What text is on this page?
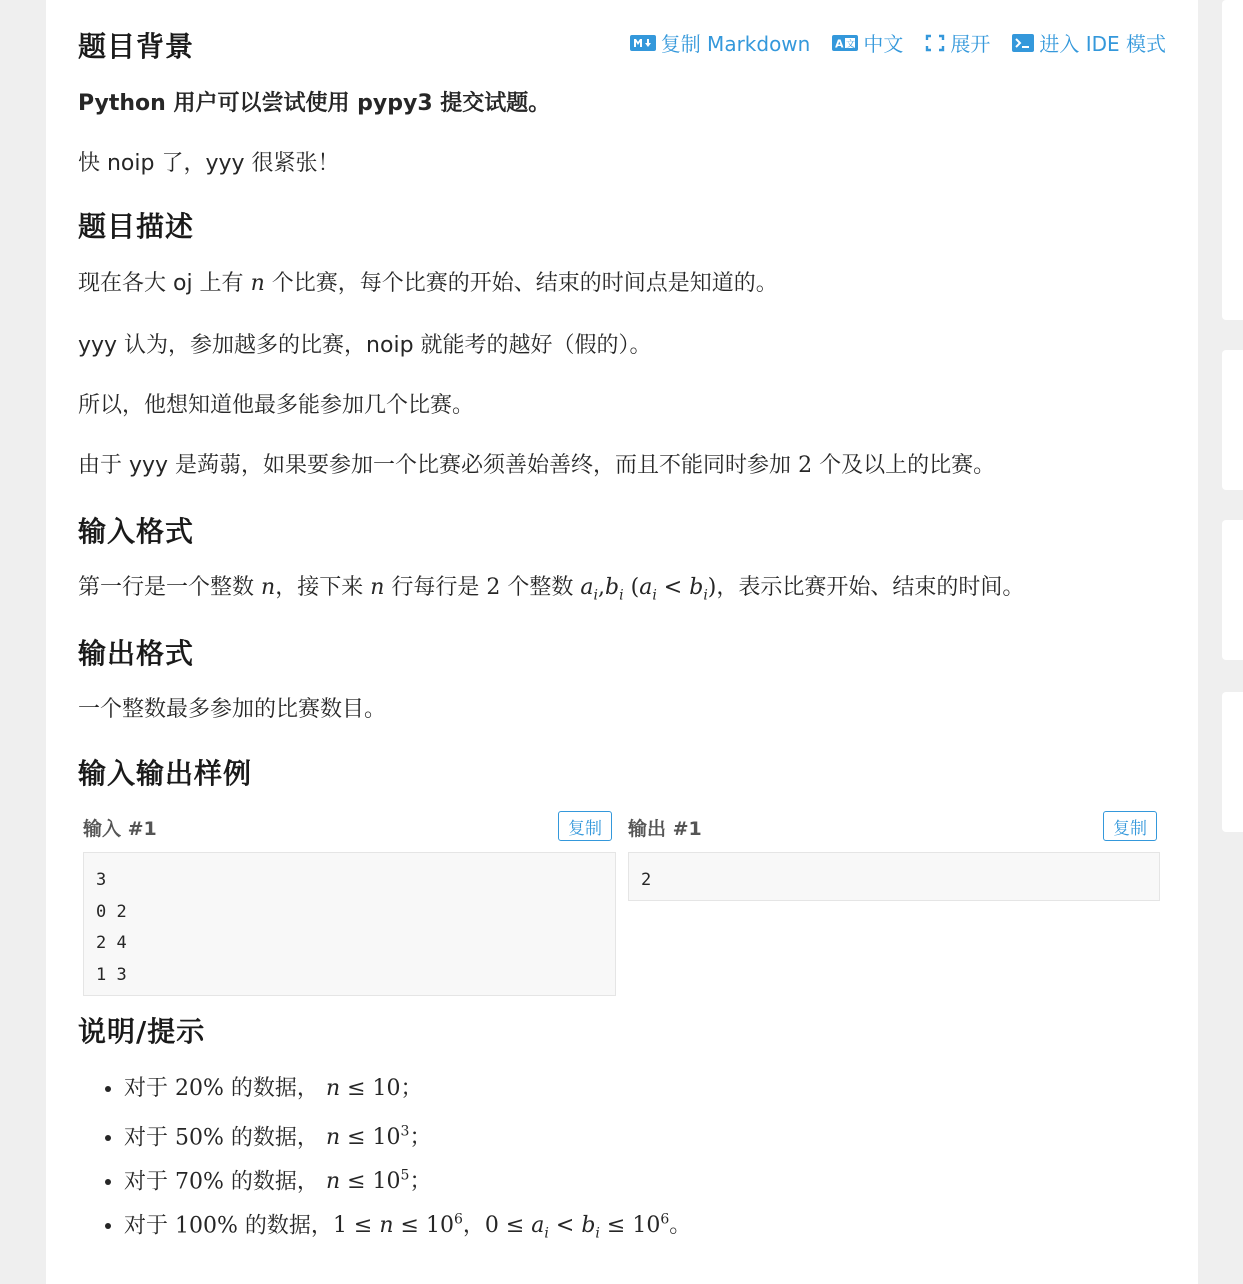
复制 Markdown A 文 中文 展开 进入 IDE 模式
题目背景

Python 用户可以尝试使用 pypy3 提交试题。

快 noip 了，yyy 很紧张！

题目描述

现在各大 oj 上有 n 个比赛，每个比赛的开始、结束的时间点是知道的。

yyy 认为，参加越多的比赛，noip 就能考的越好（假的）。

所以，他想知道他最多能参加几个比赛。

由于 yyy 是蒟蒻，如果要参加一个比赛必须善始善终，而且不能同时参加 2 个及以上的比赛。

输入格式

第一行是一个整数 n，接下来 n 行每行是 2 个整数 $a_i,b_i$ $(a_i < b_i)$，表示比赛开始、结束的时间。

输出格式

一个整数最多参加的比赛数目。

输入输出样例
输入 #1	复制
3
0 2
2 4
1 3
输出 #1	复制
2
说明/提示
• 对于 20% 的数据， n ≤ 10；
• 对于 50% 的数据， $n \le 10^3$；
• 对于 70% 的数据， $n \le 10^5$；
• 对于 100% 的数据，$1 \le n \le 10^6$，$0 \le a_i < b_i \le 10^6$。
